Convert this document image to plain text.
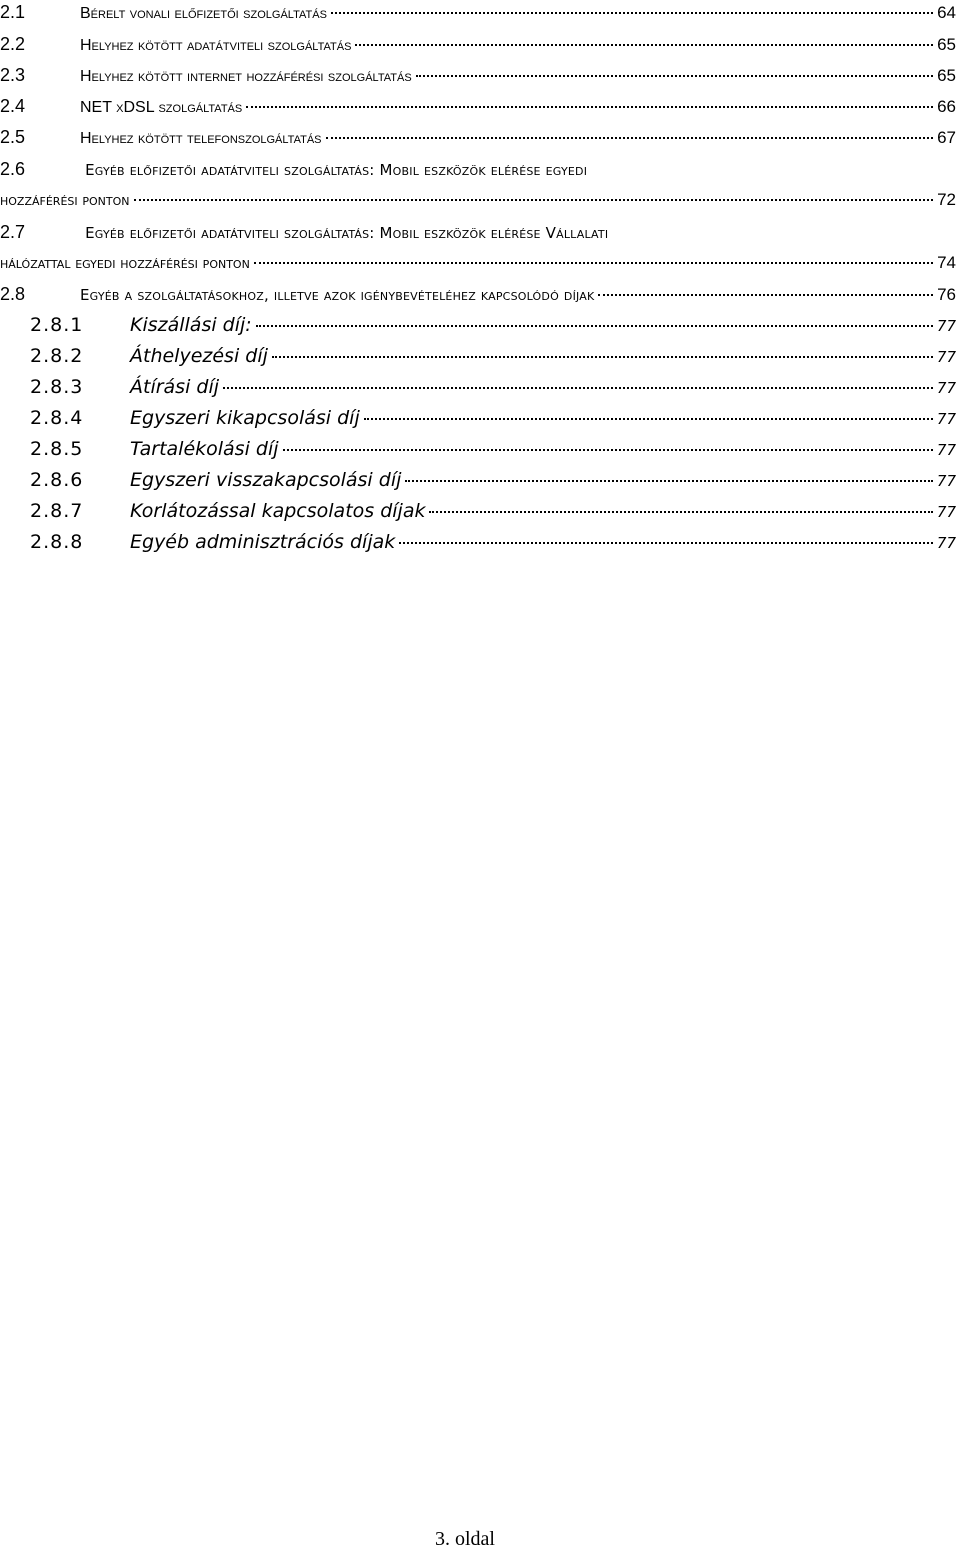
2.1	Bérelt vonali előfizetői szolgáltatás	64
2.2	Helyhez kötött adatátviteli szolgáltatás	65
2.3	Helyhez kötött internet hozzáférési szolgáltatás	65
2.4	NET xDSL szolgáltatás	66
2.5	Helyhez kötött telefonszolgáltatás	67
2.6	Egyéb előfizetői adatátviteli szolgáltatás: Mobil eszközök elérése egyedi
hozzáférési ponton	72
2.7	Egyéb előfizetői adatátviteli szolgáltatás: Mobil eszközök elérése Vállalati
hálózattal egyedi hozzáférési ponton	74
2.8	Egyéb a szolgáltatásokhoz, illetve azok igénybevételéhez kapcsolódó díjak	76
2.8.1	Kiszállási díj:	77
2.8.2	Áthelyezési díj	77
2.8.3	Átírási díj	77
2.8.4	Egyszeri kikapcsolási díj	77
2.8.5	Tartalékolási díj	77
2.8.6	Egyszeri visszakapcsolási díj	77
2.8.7	Korlátozással kapcsolatos díjak	77
2.8.8	Egyéb adminisztrációs díjak	77
3. oldal
